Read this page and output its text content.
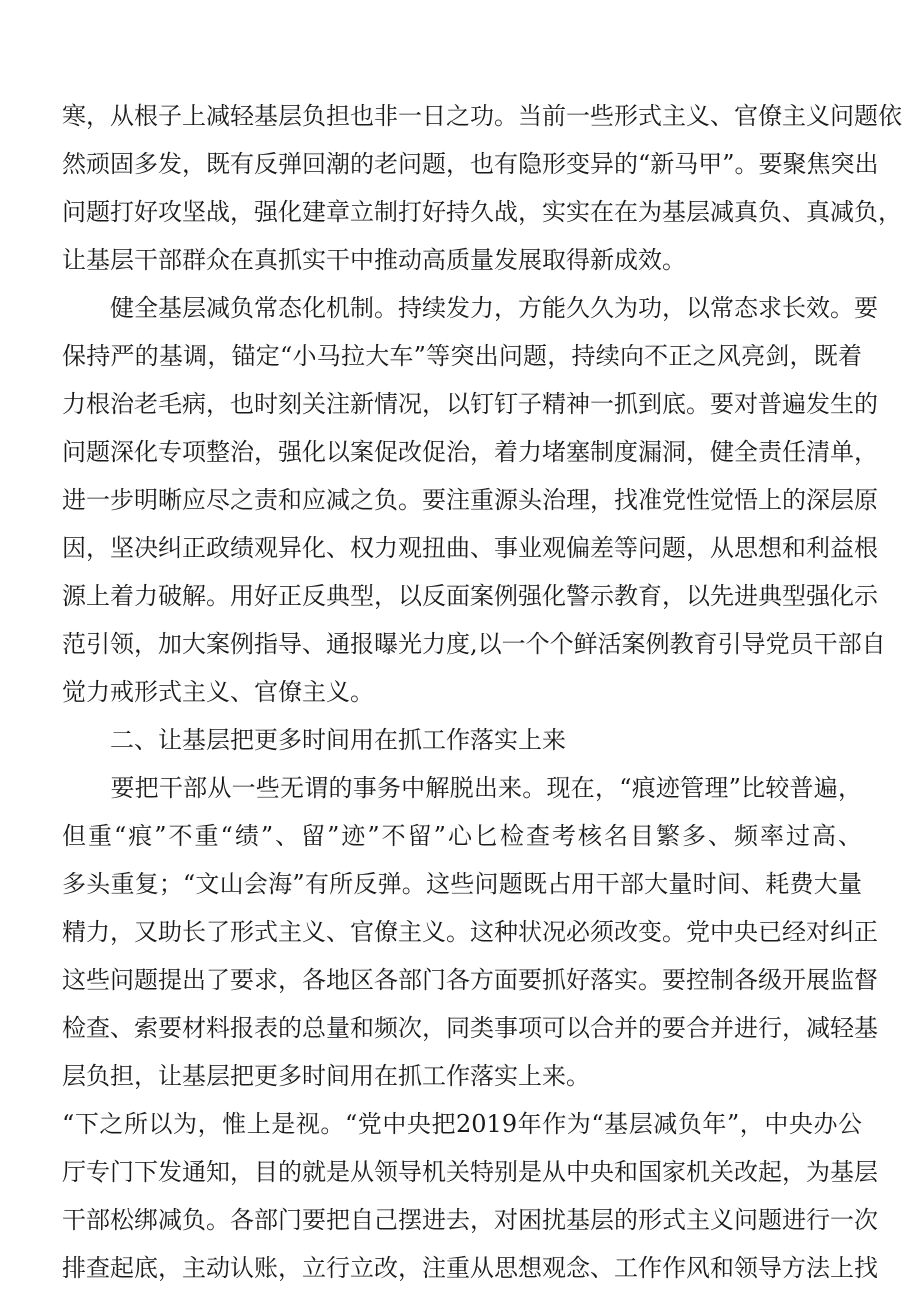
寒，从根子上减轻基层负担也非一日之功。当前一些形式主义、官僚主义问题依
然顽固多发，既有反弹回潮的老问题，也有隐形变异的“新马甲”。要聚焦突出
问题打好攻坚战，强化建章立制打好持久战，实实在在为基层减真负、真减负，
让基层干部群众在真抓实干中推动高质量发展取得新成效。
　　健全基层减负常态化机制。持续发力，方能久久为功，以常态求长效。要
保持严的基调，锚定“小马拉大车”等突出问题，持续向不正之风亮剑，既着
力根治老毛病，也时刻关注新情况，以钉钉子精神一抓到底。要对普遍发生的
问题深化专项整治，强化以案促改促治，着力堵塞制度漏洞，健全责任清单，
进一步明晰应尽之责和应减之负。要注重源头治理，找准党性觉悟上的深层原
因，坚决纠正政绩观异化、权力观扭曲、事业观偏差等问题，从思想和利益根
源上着力破解。用好正反典型，以反面案例强化警示教育，以先进典型强化示
范引领，加大案例指导、通报曝光力度,以一个个鲜活案例教育引导党员干部自
觉力戒形式主义、官僚主义。
　　二、让基层把更多时间用在抓工作落实上来
　　要把干部从一些无谓的事务中解脱出来。现在，“痕迹管理”比较普遍，
但重“痕”不重“绩”、留”迹”不留”心匕检查考核名目繁多、频率过高、
多头重复；“文山会海”有所反弹。这些问题既占用干部大量时间、耗费大量
精力，又助长了形式主义、官僚主义。这种状况必须改变。党中央已经对纠正
这些问题提出了要求，各地区各部门各方面要抓好落实。要控制各级开展监督
检查、索要材料报表的总量和频次，同类事项可以合并的要合并进行，减轻基
层负担，让基层把更多时间用在抓工作落实上来。
“下之所以为，惟上是视。“党中央把2019年作为“基层减负年”，中央办公
厅专门下发通知，目的就是从领导机关特别是从中央和国家机关改起，为基层
干部松绑减负。各部门要把自己摆进去，对困扰基层的形式主义问题进行一次
排查起底，主动认账，立行立改，注重从思想观念、工作作风和领导方法上找
